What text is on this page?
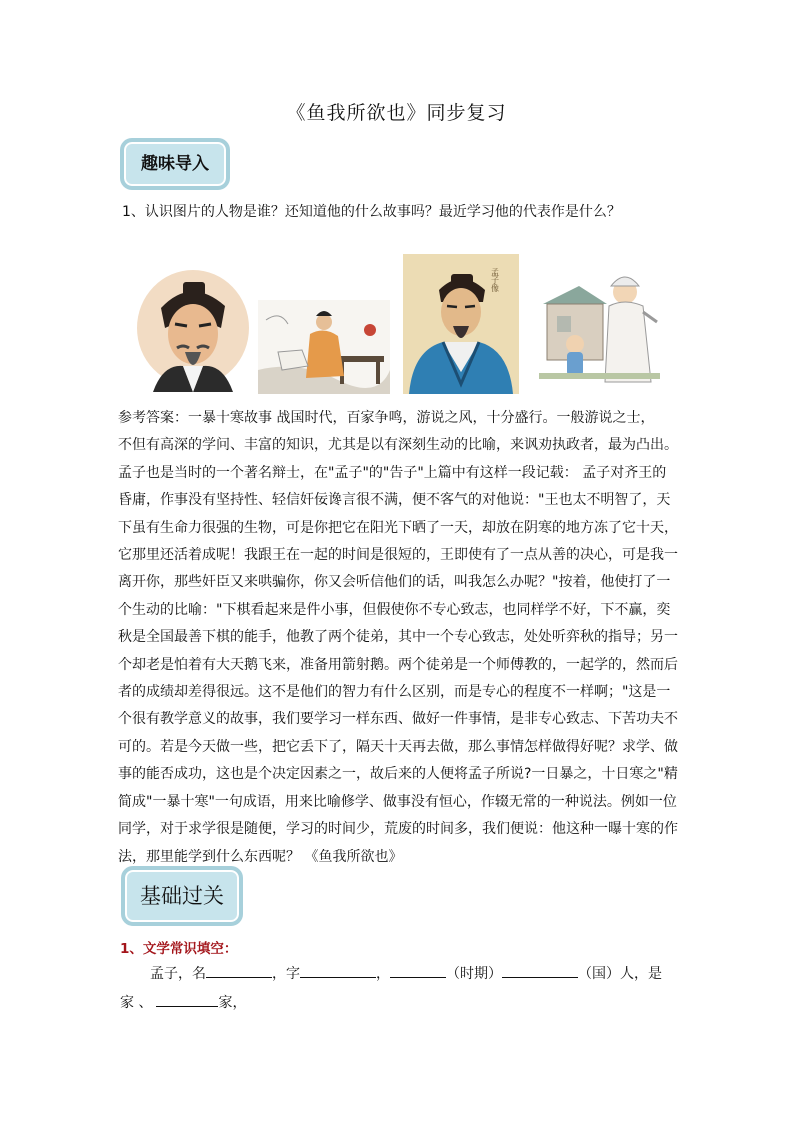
《鱼我所欲也》同步复习
趣味导入
1、认识图片的人物是谁？还知道他的什么故事吗？最近学习他的代表作是什么？
孟子像

参考答案：一暴十寒故事 战国时代，百家争鸣，游说之风，十分盛行。一般游说之士，

不但有高深的学问、丰富的知识，尤其是以有深刻生动的比喻，来讽劝执政者，最为凸出。

孟子也是当时的一个著名辩士，在"孟子"的"告子"上篇中有这样一段记载： 孟子对齐王的

昏庸，作事没有坚持性、轻信奸佞谗言很不满，便不客气的对他说："王也太不明智了，天

下虽有生命力很强的生物，可是你把它在阳光下晒了一天，却放在阴寒的地方冻了它十天，

它那里还活着成呢！我跟王在一起的时间是很短的，王即使有了一点从善的决心，可是我一

离开你，那些奸臣又来哄骗你，你又会听信他们的话，叫我怎么办呢？"按着，他使打了一

个生动的比喻："下棋看起来是件小事，但假使你不专心致志，也同样学不好，下不赢，奕

秋是全国最善下棋的能手，他教了两个徒弟，其中一个专心致志，处处听弈秋的指导；另一

个却老是怕着有大天鹅飞来，准备用箭射鹅。两个徒弟是一个师傅教的，一起学的，然而后

者的成绩却差得很远。这不是他们的智力有什么区别，而是专心的程度不一样啊；"这是一

个很有教学意义的故事，我们要学习一样东西、做好一件事情，是非专心致志、下苦功夫不

可的。若是今天做一些，把它丢下了，隔天十天再去做，那么事情怎样做得好呢？求学、做

事的能否成功，这也是个决定因素之一，故后来的人便将孟子所说?一日暴之，十日寒之"精

简成"一暴十寒"一句成语，用来比喻修学、做事没有恒心，作辍无常的一种说法。例如一位

同学，对于求学很是随便，学习的时间少，荒废的时间多，我们便说：他这种一曝十寒的作

法，那里能学到什么东西呢？ 《鱼我所欲也》

基础过关
1、文学常识填空：
孟子，名	，字	，	（时期）	（国）人，是
家 、	家，
